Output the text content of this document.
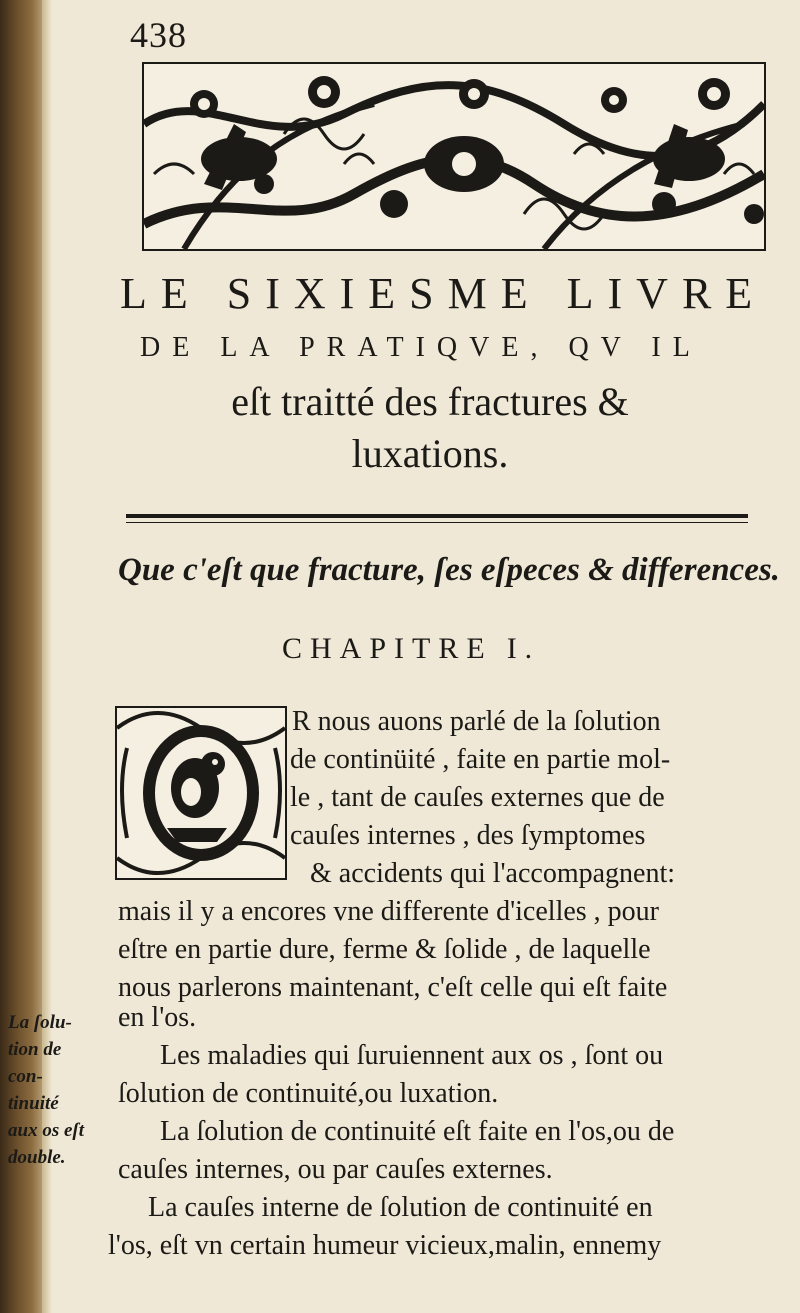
438
LE SIXIESME LIVRE
DE LA PRATIQVE, QV IL
eſt traitté des fractures &
luxations.
Que c'eſt que fracture, ſes eſpeces & differences.
CHAPITRE I.
R nous auons parlé de la ſolution
de continüité , faite en partie mol-
le , tant de cauſes externes que de
cauſes internes , des ſymptomes
& accidents qui l'accompagnent:
mais il y a encores vne differente d'icelles , pour
eſtre en partie dure, ferme & ſolide , de laquelle
nous parlerons maintenant, c'eſt celle qui eſt faite
en l'os.
Les maladies qui ſuruiennent aux os , ſont ou
ſolution de continuité,ou luxation.
La ſolution de continuité eſt faite en l'os,ou de
cauſes internes, ou par cauſes externes.
La cauſes interne de ſolution de continuité en
l'os, eſt vn certain humeur vicieux,malin, ennemy
La ſolu-
tion de
con-
tinuité
aux os eſt
double.
